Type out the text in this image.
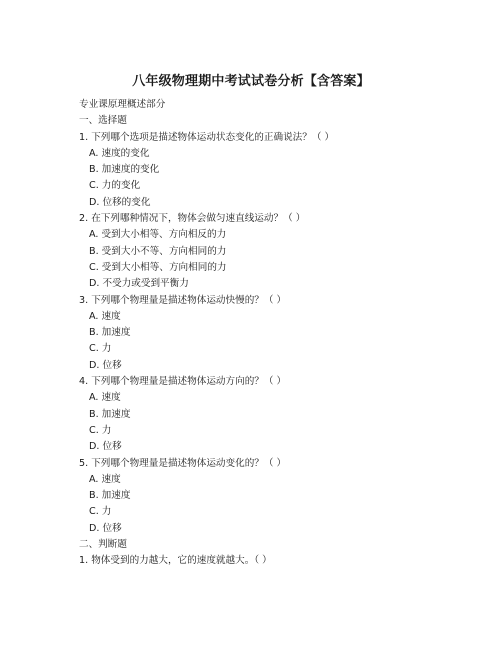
八年级物理期中考试试卷分析【含答案】
专业课原理概述部分
一、选择题
1. 下列哪个选项是描述物体运动状态变化的正确说法？（ ）
A. 速度的变化
B. 加速度的变化
C. 力的变化
D. 位移的变化
2. 在下列哪种情况下，物体会做匀速直线运动？（ ）
A. 受到大小相等、方向相反的力
B. 受到大小不等、方向相同的力
C. 受到大小相等、方向相同的力
D. 不受力或受到平衡力
3. 下列哪个物理量是描述物体运动快慢的？（ ）
A. 速度
B. 加速度
C. 力
D. 位移
4. 下列哪个物理量是描述物体运动方向的？（ ）
A. 速度
B. 加速度
C. 力
D. 位移
5. 下列哪个物理量是描述物体运动变化的？（ ）
A. 速度
B. 加速度
C. 力
D. 位移
二、判断题
1. 物体受到的力越大，它的速度就越大。（ ）
